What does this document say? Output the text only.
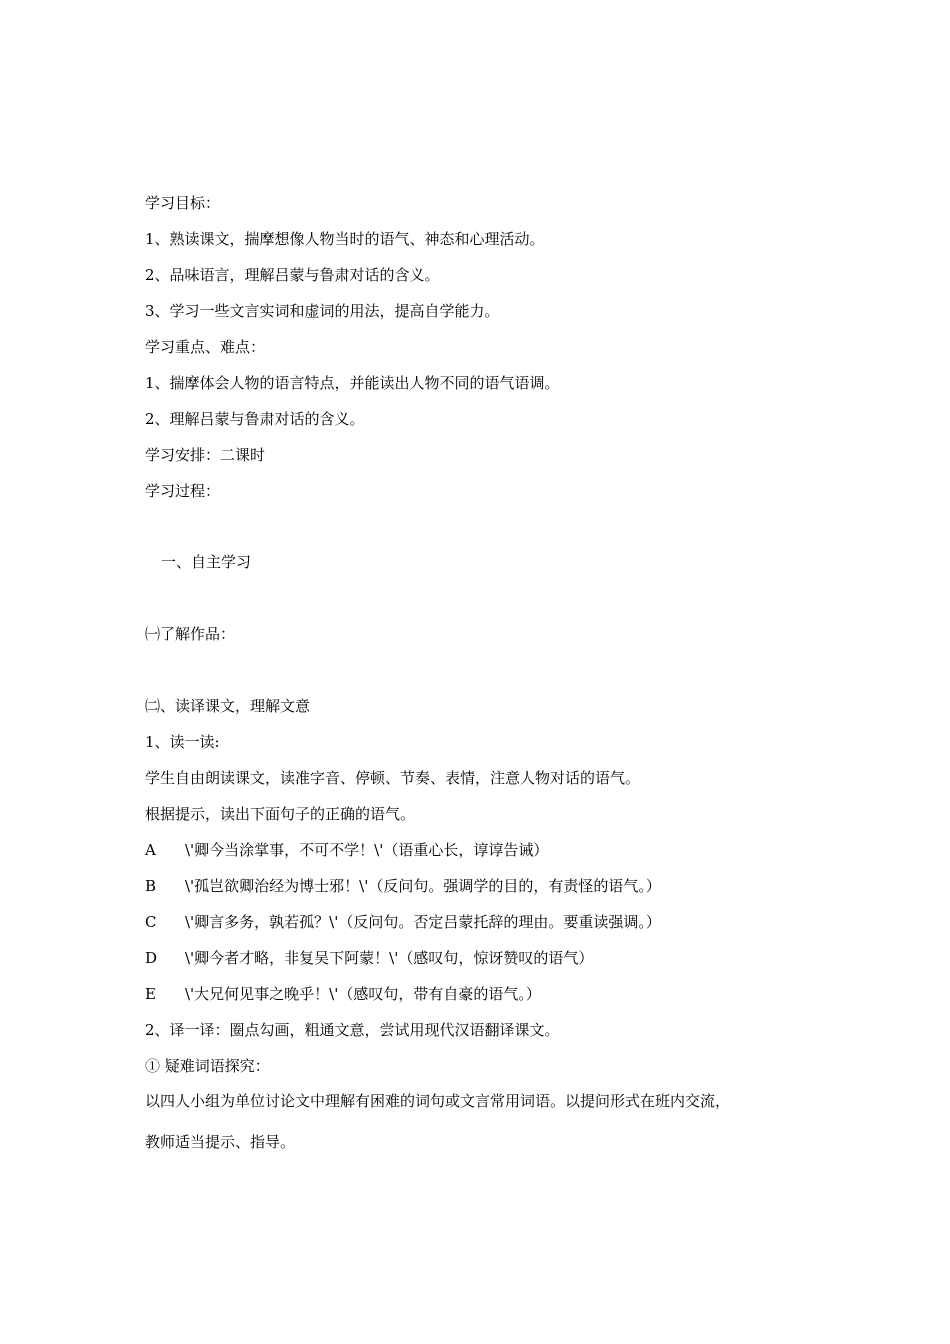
学习目标：
1、熟读课文，揣摩想像人物当时的语气、神态和心理活动。
2、品味语言，理解吕蒙与鲁肃对话的含义。
3、学习一些文言实词和虚词的用法，提高自学能力。
学习重点、难点：
1、揣摩体会人物的语言特点，并能读出人物不同的语气语调。
2、理解吕蒙与鲁肃对话的含义。
学习安排：二课时
学习过程：
一、自主学习
㈠了解作品：
㈡、读译课文，理解文意
1、读一读:
学生自由朗读课文，读准字音、停顿、节奏、表情，注意人物对话的语气。
根据提示，读出下面句子的正确的语气。
A \'卿今当涂掌事，不可不学！\'（语重心长，谆谆告诫）
B \'孤岂欲卿治经为博士邪！\'（反问句。强调学的目的，有责怪的语气。）
C \'卿言多务，孰若孤？\'（反问句。否定吕蒙托辞的理由。要重读强调。）
D \'卿今者才略，非复吴下阿蒙！\'（感叹句，惊讶赞叹的语气）
E \'大兄何见事之晚乎！\'（感叹句，带有自豪的语气。）
2、译一译：圈点勾画，粗通文意，尝试用现代汉语翻译课文。
① 疑难词语探究：
以四人小组为单位讨论文中理解有困难的词句或文言常用词语。以提问形式在班内交流，
教师适当提示、指导。
